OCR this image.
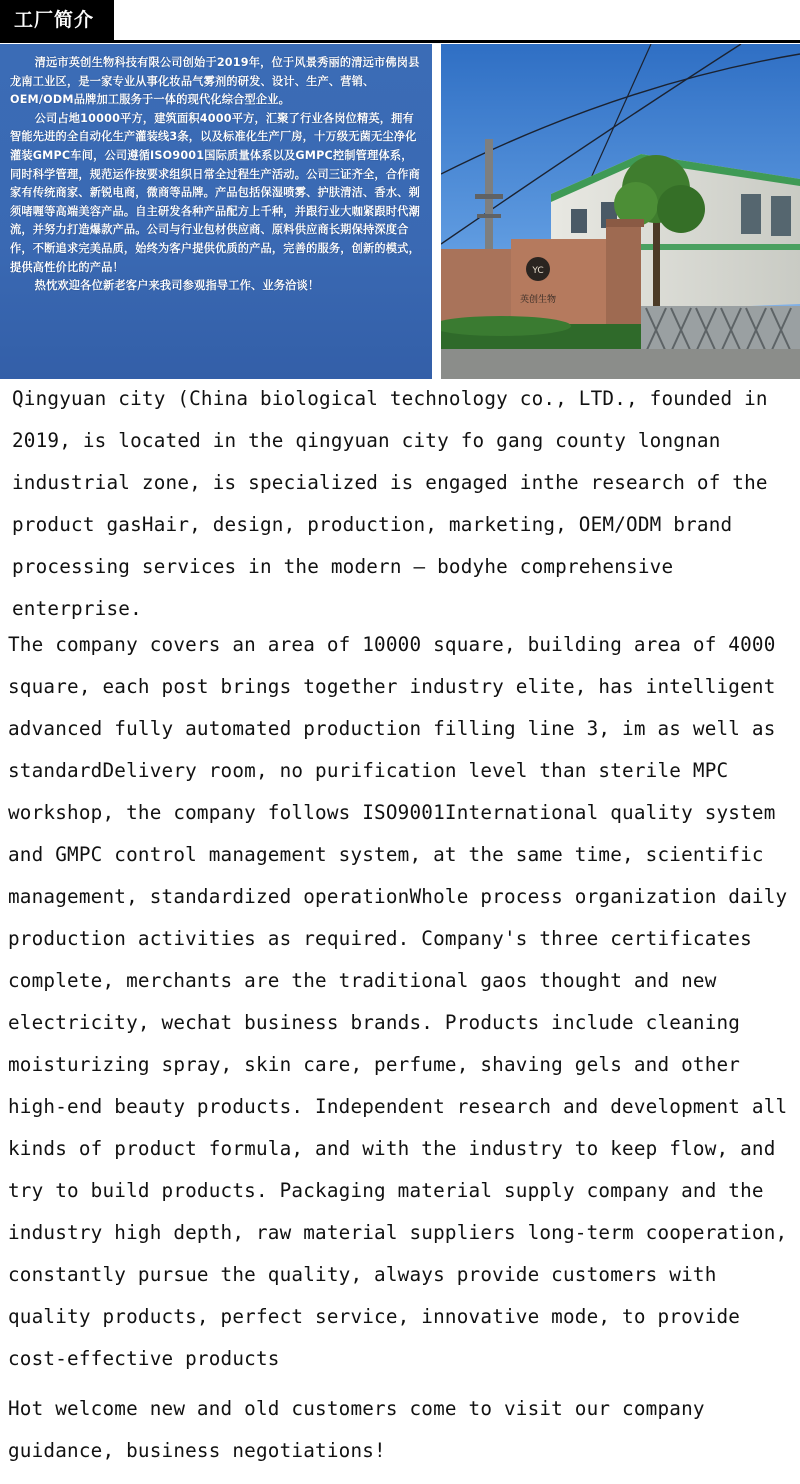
工厂简介

清远市英创生物科技有限公司创始于2019年，位于风景秀丽的清远市佛岗县龙南工业区，是一家专业从事化妆品气雾剂的研发、设计、生产、营销、OEM/ODM品牌加工服务于一体的现代化综合型企业。

公司占地10000平方，建筑面积4000平方，汇聚了行业各岗位精英，拥有智能先进的全自动化生产灌装线3条，以及标准化生产厂房，十万级无菌无尘净化灌装GMPC车间，公司遵循ISO9001国际质量体系以及GMPC控制管理体系，同时科学管理，规范运作按要求组织日常全过程生产活动。公司三证齐全，合作商家有传统商家、新锐电商，微商等品牌。产品包括保湿喷雾、护肤清洁、香水、剃须啫喱等高端美容产品。自主研发各种产品配方上千种，并跟行业大咖紧跟时代潮流，并努力打造爆款产品。公司与行业包材供应商、原料供应商长期保持深度合作，不断追求完美品质，始终为客户提供优质的产品，完善的服务，创新的模式，提供高性价比的产品！

热忱欢迎各位新老客户来我司参观指导工作、业务洽谈！

YC
英创生物

Qingyuan city (China biological technology co., LTD., founded in 2019, is located in the qingyuan city fo gang county longnan industrial zone, is specialized is engaged inthe research of the product gasHair, design, production, marketing, OEM/ODM brand processing services in the modern — bodyhe comprehensive enterprise.

The company covers an area of 10000 square, building area of 4000 square, each post brings together industry elite, has intelligent advanced fully automated production filling line 3, im as well as standardDelivery room, no purification level than sterile MPC workshop, the company follows ISO9001International quality system and GMPC control management system, at the same time, scientific management, standardized operationWhole process organization daily production activities as required. Company's three certificates complete, merchants are the traditional gaos thought and new electricity, wechat business brands. Products include cleaning moisturizing spray, skin care, perfume, shaving gels and other high-end beauty products. Independent research and development all kinds of product formula, and with the industry to keep flow, and try to build products. Packaging material supply company and the industry high depth, raw material suppliers long-term cooperation, constantly pursue the quality, always provide customers with quality products, perfect service, innovative mode, to provide cost-effective products

Hot welcome new and old customers come to visit our company guidance, business negotiations!
